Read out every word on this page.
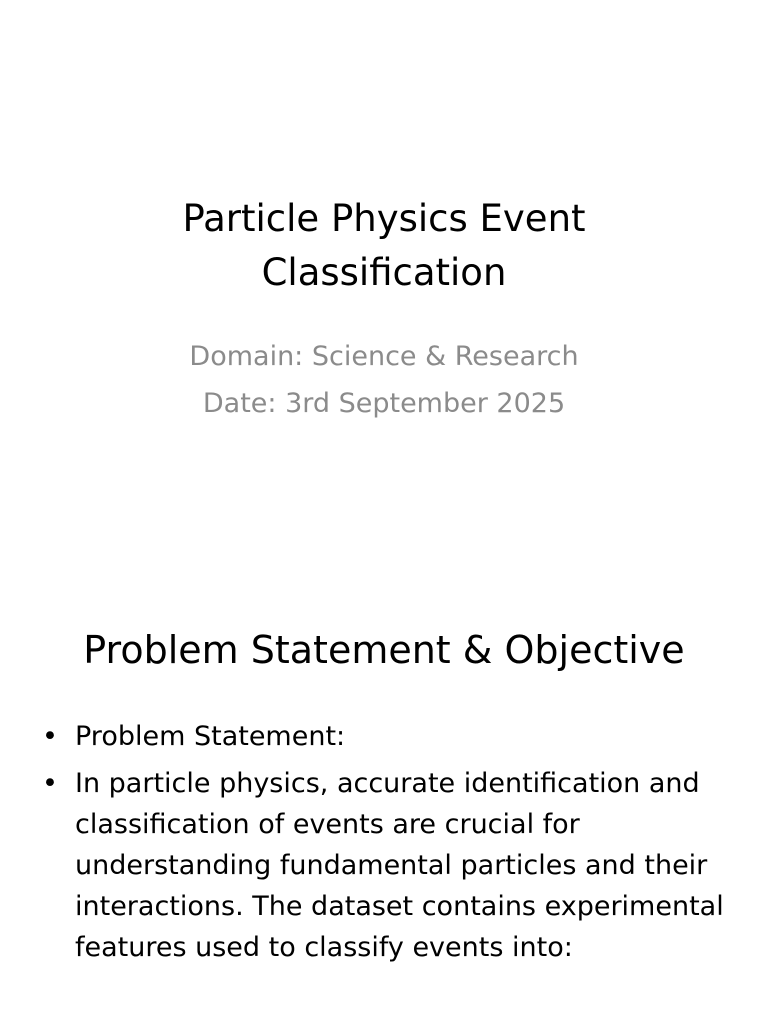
Particle Physics Event
Classification
Domain: Science & Research
Date: 3rd September 2025
Problem Statement & Objective
• Problem Statement:
• In particle physics, accurate identification and classification of events are crucial for understanding fundamental particles and their interactions. The dataset contains experimental features used to classify events into:
